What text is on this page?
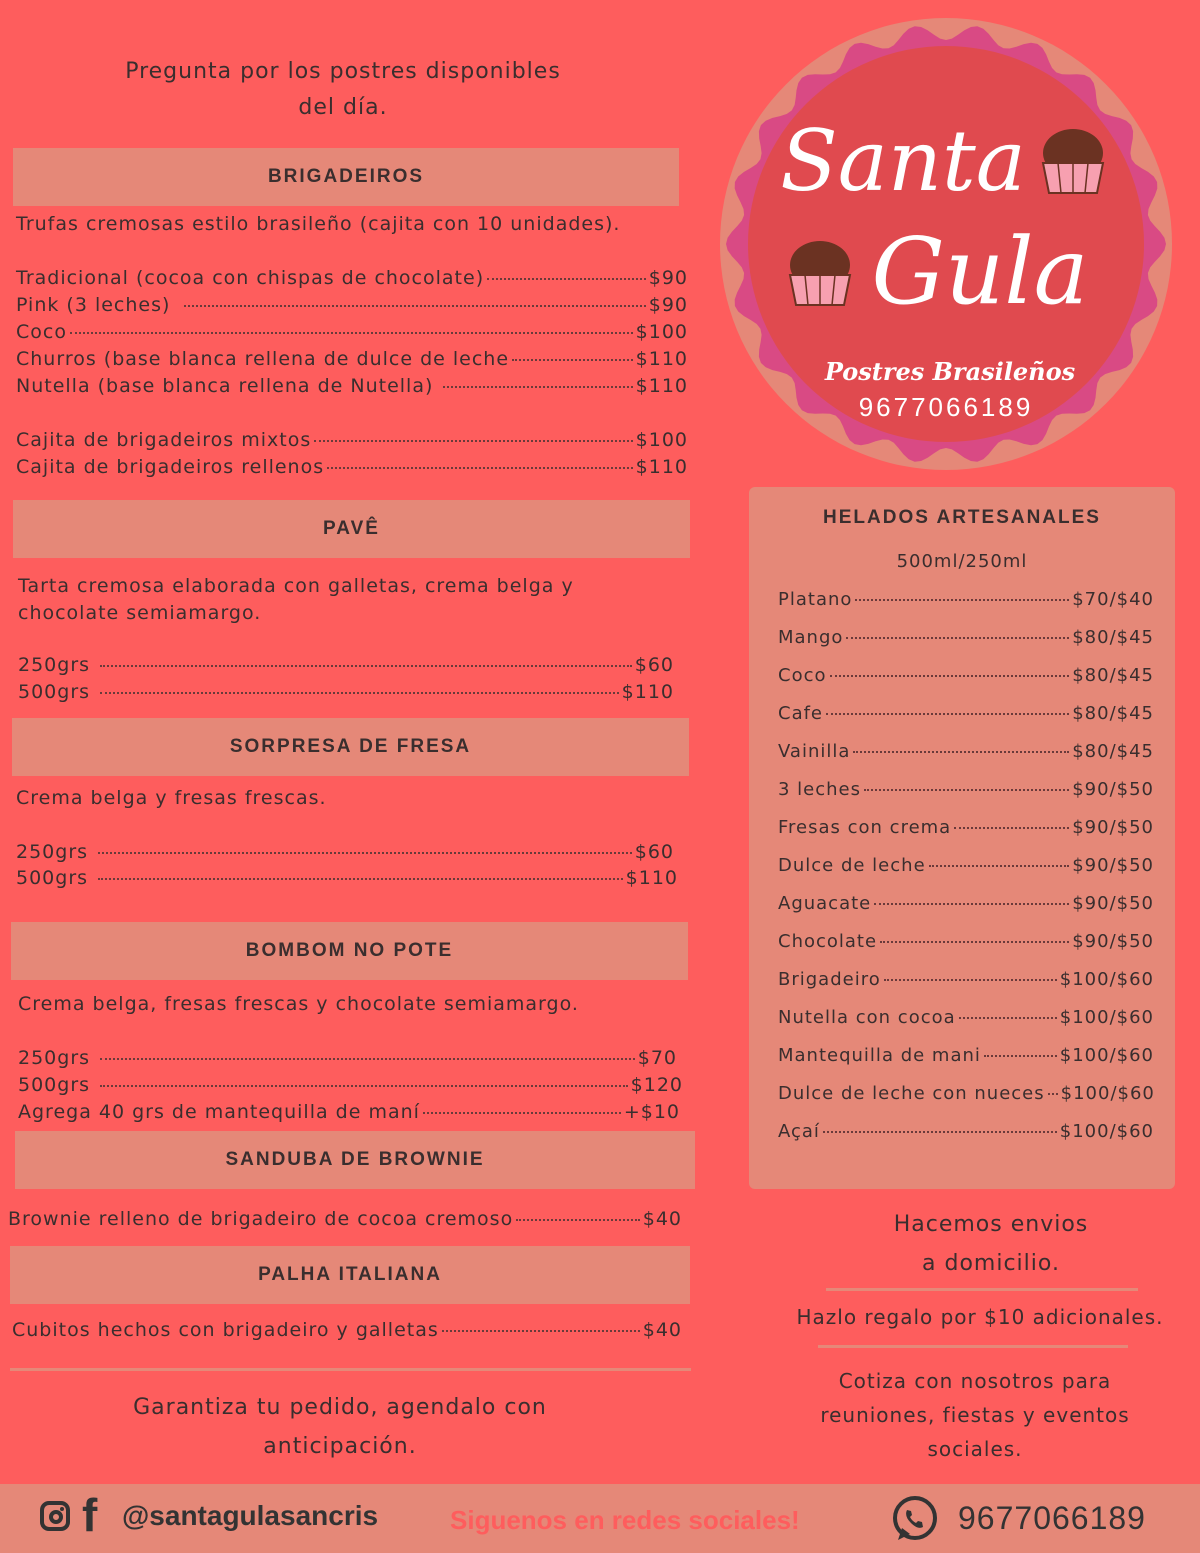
Pregunta por los postres disponibles
del día.
Santa
Gula
Postres Brasileños
9677066189
BRIGADEIROS
Trufas cremosas estilo brasileño (cajita con 10 unidades).
Tradicional (cocoa con chispas de chocolate)	$90
Pink (3 leches)	$90
Coco	$100
Churros (base blanca rellena de dulce de leche	$110
Nutella (base blanca rellena de Nutella)	$110
Cajita de brigadeiros mixtos	$100
Cajita de brigadeiros rellenos	$110
PAVÊ
Tarta cremosa elaborada con galletas, crema belga y
chocolate semiamargo.
250grs	$60
500grs	$110
SORPRESA DE FRESA
Crema belga y fresas frescas.
250grs	$60
500grs	$110
BOMBOM NO POTE
Crema belga, fresas frescas y chocolate semiamargo.
250grs	$70
500grs	$120
Agrega 40 grs de mantequilla de maní	+$10
SANDUBA DE BROWNIE
Brownie relleno de brigadeiro de cocoa cremoso	$40
PALHA ITALIANA
Cubitos hechos con brigadeiro y galletas	$40
Garantiza tu pedido, agendalo con
anticipación.
HELADOS ARTESANALES
500ml/250ml
Platano	$70/$40
Mango	$80/$45
Coco	$80/$45
Cafe	$80/$45
Vainilla	$80/$45
3 leches	$90/$50
Fresas con crema	$90/$50
Dulce de leche	$90/$50
Aguacate	$90/$50
Chocolate	$90/$50
Brigadeiro	$100/$60
Nutella con cocoa	$100/$60
Mantequilla de mani	$100/$60
Dulce de leche con nueces $100/$60
Açaí	$100/$60
Hacemos envios
a domicilio.
Hazlo regalo por $10 adicionales.
Cotiza con nosotros para
reuniones, fiestas y eventos
sociales.
f @santagulasancris	Siguenos en redes sociales!	9677066189
